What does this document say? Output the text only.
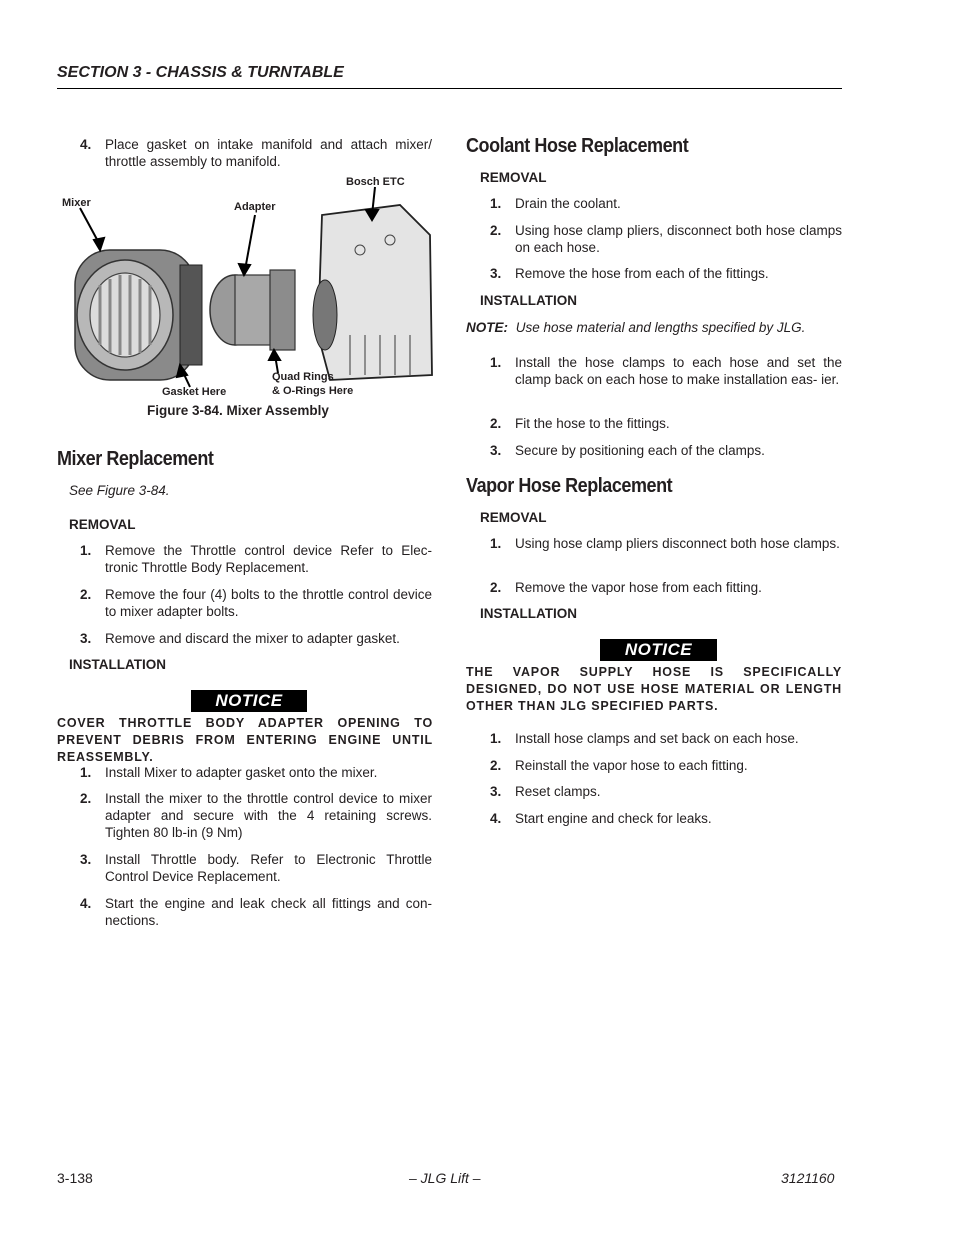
SECTION 3 - CHASSIS & TURNTABLE
4.	Place gasket on intake manifold and attach mixer/ throttle assembly to manifold.
Mixer	Adapter
Bosch ETC
Gasket Here
Quad Rings
& O-Rings Here
Figure 3-84. Mixer Assembly
Mixer Replacement
See Figure 3-84.
REMOVAL
1.	Remove the Throttle control device Refer to Elec- tronic Throttle Body Replacement.
2.	Remove the four (4) bolts to the throttle control device to mixer adapter bolts.
3.	Remove and discard the mixer to adapter gasket.
INSTALLATION
NOTICE
COVER THROTTLE BODY ADAPTER OPENING TO PREVENT DEBRIS FROM ENTERING ENGINE UNTIL REASSEMBLY.
1.	Install Mixer to adapter gasket onto the mixer.
2.	Install the mixer to the throttle control device to mixer adapter and secure with the 4 retaining screws. Tighten 80 lb-in (9 Nm)
3.	Install Throttle body. Refer to Electronic Throttle Control Device Replacement.
4.	Start the engine and leak check all fittings and con- nections.
Coolant Hose Replacement
REMOVAL
1.	Drain the coolant.
2.	Using hose clamp pliers, disconnect both hose clamps on each hose.
3.	Remove the hose from each of the fittings.
INSTALLATION
NOTE: Use hose material and lengths specified by JLG.
1.	Install the hose clamps to each hose and set the clamp back on each hose to make installation eas- ier.
2.	Fit the hose to the fittings.
3.	Secure by positioning each of the clamps.
Vapor Hose Replacement
REMOVAL
1.	Using hose clamp pliers disconnect both hose clamps.
2.	Remove the vapor hose from each fitting.
INSTALLATION
NOTICE
THE VAPOR SUPPLY HOSE IS SPECIFICALLY DESIGNED, DO NOT USE HOSE MATERIAL OR LENGTH OTHER THAN JLG SPECIFIED PARTS.
1.	Install hose clamps and set back on each hose.
2.	Reinstall the vapor hose to each fitting.
3.	Reset clamps.
4.	Start engine and check for leaks.
3-138	– JLG Lift –	3121160
